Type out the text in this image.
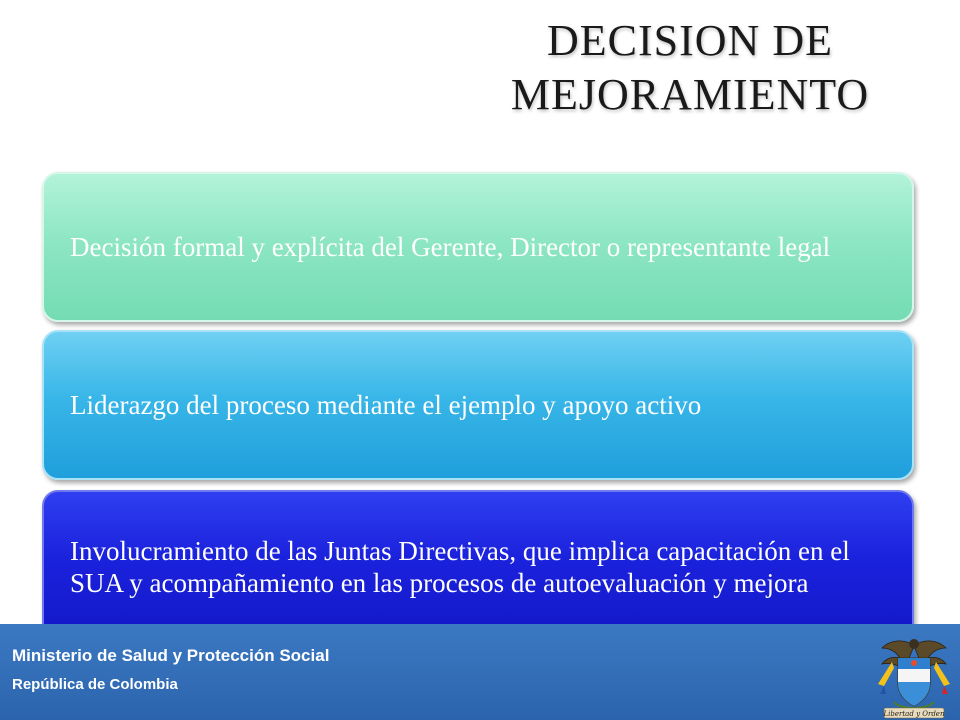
DECISION DE
MEJORAMIENTO
Decisión formal y explícita del Gerente, Director o representante legal
Liderazgo del proceso mediante el ejemplo y apoyo activo
Involucramiento de las Juntas Directivas, que implica capacitación en el SUA y acompañamiento en las procesos de autoevaluación y mejora
Ministerio de Salud y Protección Social
República de Colombia
Libertad y Orden
